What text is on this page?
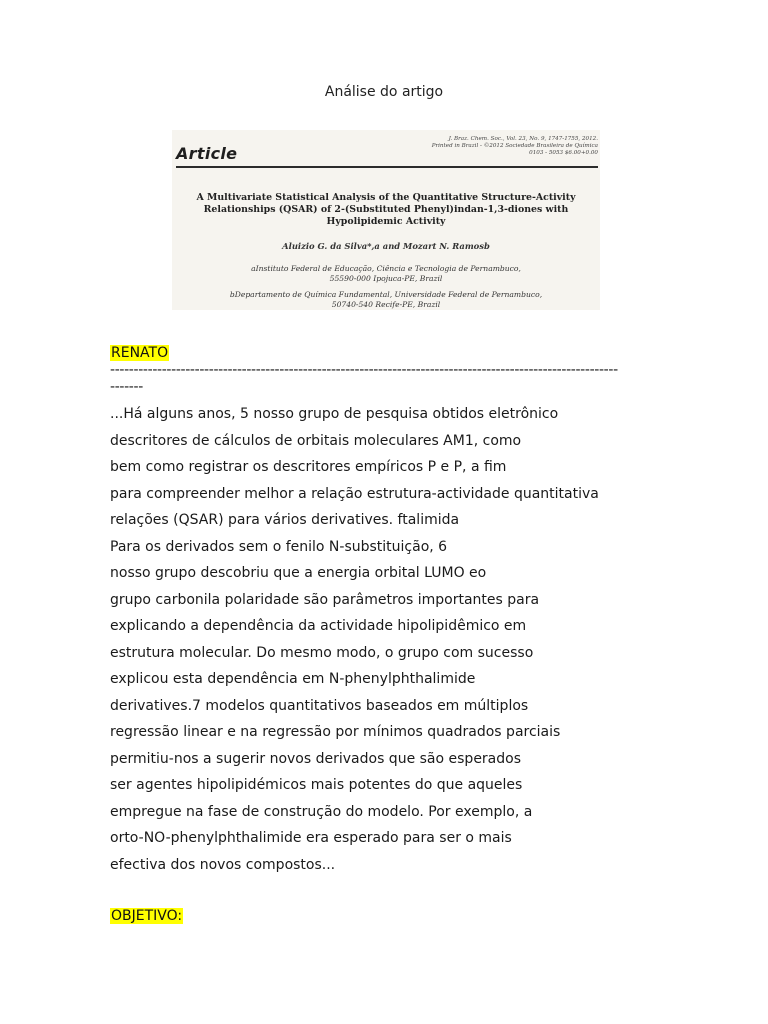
Análise do artigo
Article
J. Braz. Chem. Soc., Vol. 23, No. 9, 1747-1755, 2012.
Printed in Brazil - ©2012 Sociedade Brasileira de Química
0103 - 5053 $6.00+0.00
A Multivariate Statistical Analysis of the Quantitative Structure-Activity
Relationships (QSAR) of 2-(Substituted Phenyl)indan-1,3-diones with
Hypolipidemic Activity
Aluizio G. da Silva*,a and Mozart N. Ramosb
aInstituto Federal de Educação, Ciência e Tecnologia de Pernambuco,
55590-000 Ipojuca-PE, Brazil
bDepartamento de Química Fundamental, Universidade Federal de Pernambuco,
50740-540 Recife-PE, Brazil
RENATO
------------------------------------------------------------------------------------------------------------
-------
...Há alguns anos, 5 nosso grupo de pesquisa obtidos eletrônico
descritores de cálculos de orbitais moleculares AM1, como
bem como registrar os descritores empíricos P e P, a fim
para compreender melhor a relação estrutura-actividade quantitativa
relações (QSAR) para vários derivatives. ftalimida
Para os derivados sem o fenilo N-substituição, 6
nosso grupo descobriu que a energia orbital LUMO eo
grupo carbonila polaridade são parâmetros importantes para
explicando a dependência da actividade hipolipidêmico em
estrutura molecular. Do mesmo modo, o grupo com sucesso
explicou esta dependência em N-phenylphthalimide
derivatives.7 modelos quantitativos baseados em múltiplos
regressão linear e na regressão por mínimos quadrados parciais
permitiu-nos a sugerir novos derivados que são esperados
ser agentes hipolipidémicos mais potentes do que aqueles
empregue na fase de construção do modelo. Por exemplo, a
orto-NO-phenylphthalimide era esperado para ser o mais
efectiva dos novos compostos...
OBJETIVO:
